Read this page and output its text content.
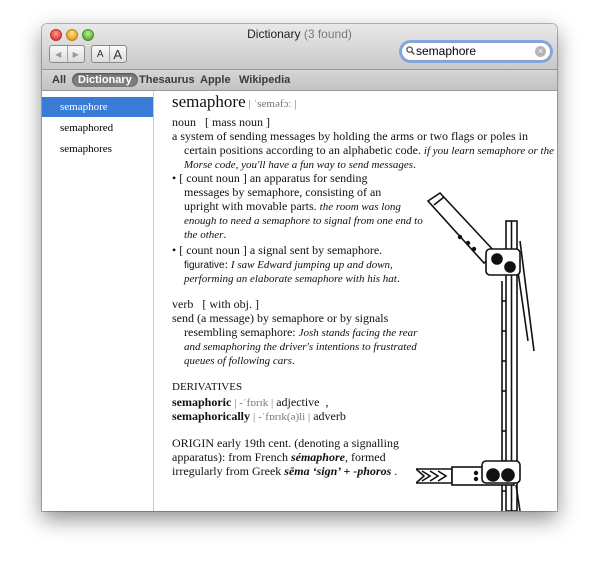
Dictionary (3 found)
◀ ▶	A A	semaphore	×
All	Dictionary Thesaurus Apple Wikipedia
semaphore
semaphored
semaphores
semaphore | ˈseməfɔː |
noun [ mass noun ]
a system of sending messages by holding the arms or two flags or poles in
certain positions according to an alphabetic code. if you learn semaphore or the
Morse code, you'll have a fun way to send messages.
• [ count noun ] an apparatus for sending
messages by semaphore, consisting of an
upright with movable parts. the room was long
enough to need a semaphore to signal from one end to
the other.
• [ count noun ] a signal sent by semaphore.
figurative: I saw Edward jumping up and down,
performing an elaborate semaphore with his hat.
verb [ with obj. ]
send (a message) by semaphore or by signals
resembling semaphore: Josh stands facing the rear
and semaphoring the driver's intentions to frustrated
queues of following cars.
DERIVATIVES
semaphoric | -ˈfɒrɪk | adjective ,
semaphorically | -ˈfɒrɪk(ə)li | adverb
ORIGIN early 19th cent. (denoting a signalling
apparatus): from French sémaphore, formed
irregularly from Greek sēma ‘sign’ + -phoros .
